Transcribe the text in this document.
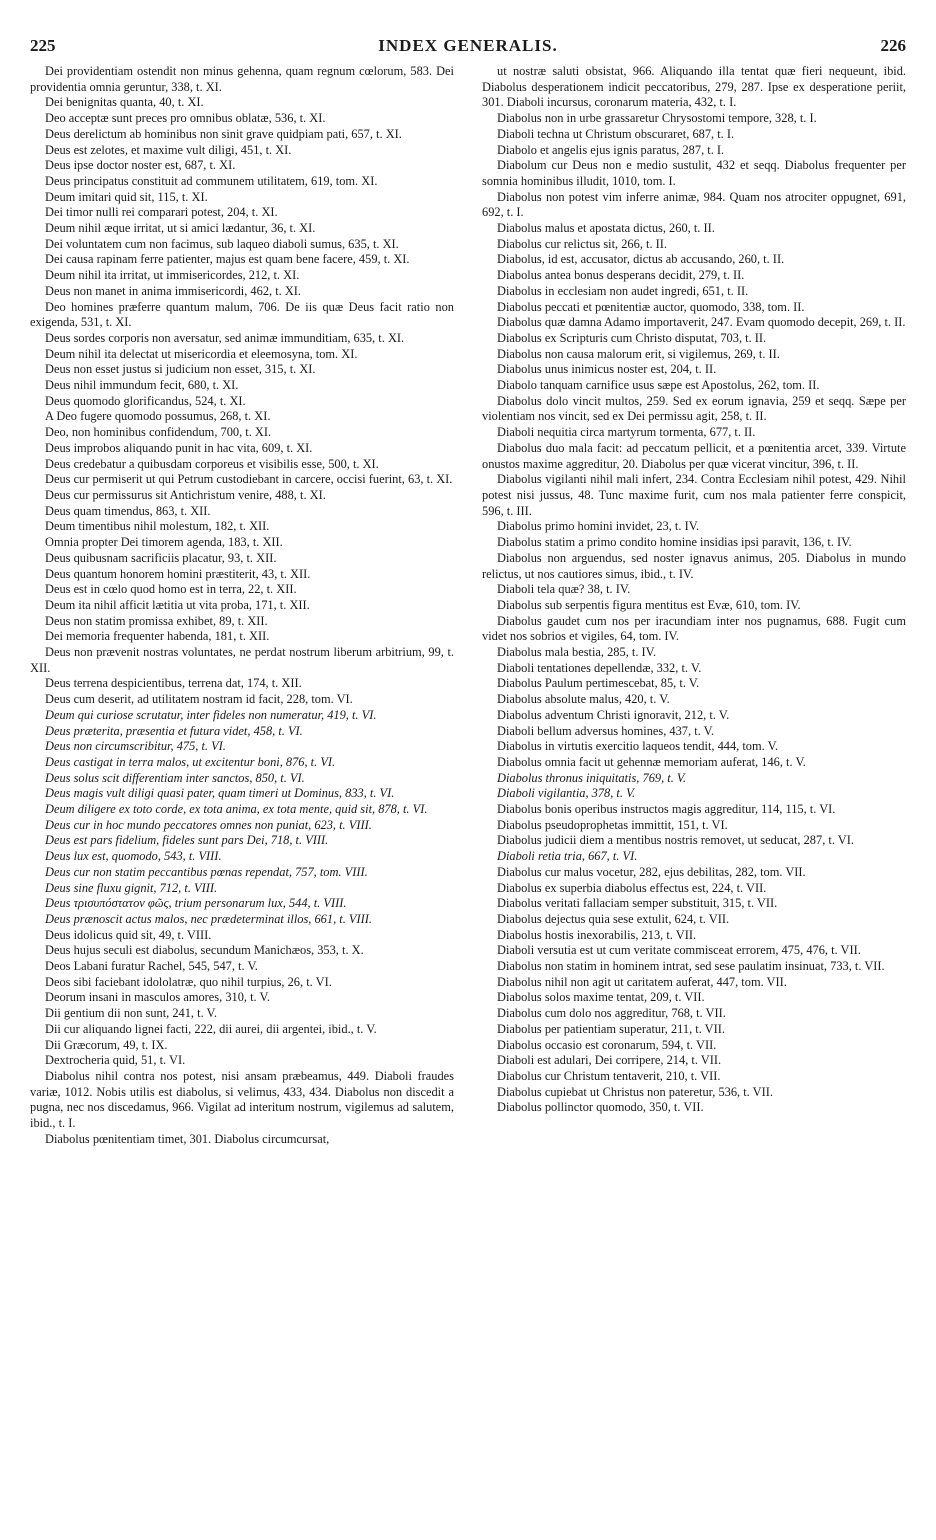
225	INDEX GENERALIS.	226

Dei providentiam ostendit non minus gehenna, quam regnum cœlorum, 583. Dei providentia omnia geruntur, 338, t. XI.

Dei benignitas quanta, 40, t. XI.

Deo acceptæ sunt preces pro omnibus oblatæ, 536, t. XI.

Deus derelictum ab hominibus non sinit grave quidpiam pati, 657, t. XI.

Deus est zelotes, et maxime vult diligi, 451, t. XI.

Deus ipse doctor noster est, 687, t. XI.

Deus principatus constituit ad communem utilitatem, 619, tom. XI.

Deum imitari quid sit, 115, t. XI.

Dei timor nulli rei comparari potest, 204, t. XI.

Deum nihil æque irritat, ut si amici lædantur, 36, t. XI.

Dei voluntatem cum non facimus, sub laqueo diaboli sumus, 635, t. XI.

Dei causa rapinam ferre patienter, majus est quam bene facere, 459, t. XI.

Deum nihil ita irritat, ut immisericordes, 212, t. XI.

Deus non manet in anima immisericordi, 462, t. XI.

Deo homines præferre quantum malum, 706. De iis quæ Deus facit ratio non exigenda, 531, t. XI.

Deus sordes corporis non aversatur, sed animæ immunditiam, 635, t. XI.

Deum nihil ita delectat ut misericordia et eleemosyna, tom. XI.

Deus non esset justus si judicium non esset, 315, t. XI.

Deus nihil immundum fecit, 680, t. XI.

Deus quomodo glorificandus, 524, t. XI.

A Deo fugere quomodo possumus, 268, t. XI.

Deo, non hominibus confidendum, 700, t. XI.

Deus improbos aliquando punit in hac vita, 609, t. XI.

Deus credebatur a quibusdam corporeus et visibilis esse, 500, t. XI.

Deus cur permiserit ut qui Petrum custodiebant in carcere, occisi fuerint, 63, t. XI.

Deus cur permissurus sit Antichristum venire, 488, t. XI.

Deus quam timendus, 863, t. XII.

Deum timentibus nihil molestum, 182, t. XII.

Omnia propter Dei timorem agenda, 183, t. XII.

Deus quibusnam sacrificiis placatur, 93, t. XII.

Deus quantum honorem homini præstiterit, 43, t. XII.

Deus est in cœlo quod homo est in terra, 22, t. XII.

Deum ita nihil afficit lætitia ut vita proba, 171, t. XII.

Deus non statim promissa exhibet, 89, t. XII.

Dei memoria frequenter habenda, 181, t. XII.

Deus non prævenit nostras voluntates, ne perdat nostrum liberum arbitrium, 99, t. XII.

Deus terrena despicientibus, terrena dat, 174, t. XII.

Deus cum deserit, ad utilitatem nostram id facit, 228, tom. VI.

Deum qui curiose scrutatur, inter fideles non numeratur, 419, t. VI.

Deus præterita, præsentia et futura videt, 458, t. VI.

Deus non circumscribitur, 475, t. VI.

Deus castigat in terra malos, ut excitentur boni, 876, t. VI.

Deus solus scit differentiam inter sanctos, 850, t. VI.

Deus magis vult diligi quasi pater, quam timeri ut Dominus, 833, t. VI.

Deum diligere ex toto corde, ex tota anima, ex tota mente, quid sit, 878, t. VI.

Deus cur in hoc mundo peccatores omnes non puniat, 623, t. VIII.

Deus est pars fidelium, fideles sunt pars Dei, 718, t. VIII.

Deus lux est, quomodo, 543, t. VIII.

Deus cur non statim peccantibus pœnas rependat, 757, tom. VIII.

Deus sine fluxu gignit, 712, t. VIII.

Deus τρισυπόστατον φῶς, trium personarum lux, 544, t. VIII.

Deus prænoscit actus malos, nec prædeterminat illos, 661, t. VIII.

Deus idolicus quid sit, 49, t. VIII.

Deus hujus seculi est diabolus, secundum Manichæos, 353, t. X.

Deos Labani furatur Rachel, 545, 547, t. V.

Deos sibi faciebant idololatræ, quo nihil turpius, 26, t. VI.

Deorum insani in masculos amores, 310, t. V.

Dii gentium dii non sunt, 241, t. V.

Dii cur aliquando lignei facti, 222, dii aurei, dii argentei, ibid., t. V.

Dii Græcorum, 49, t. IX.

Dextrocheria quid, 51, t. VI.

Diabolus nihil contra nos potest, nisi ansam præbeamus, 449. Diaboli fraudes variæ, 1012. Nobis utilis est diabolus, si velimus, 433, 434. Diabolus non discedit a pugna, nec nos discedamus, 966. Vigilat ad interitum nostrum, vigilemus ad salutem, ibid., t. I.

Diabolus pœnitentiam timet, 301. Diabolus circumcursat,

ut nostræ saluti obsistat, 966. Aliquando illa tentat quæ fieri nequeunt, ibid. Diabolus desperationem indicit peccatoribus, 279, 287. Ipse ex desperatione periit, 301. Diaboli incursus, coronarum materia, 432, t. I.

Diabolus non in urbe grassaretur Chrysostomi tempore, 328, t. I.

Diaboli techna ut Christum obscuraret, 687, t. I.

Diabolo et angelis ejus ignis paratus, 287, t. I.

Diabolum cur Deus non e medio sustulit, 432 et seqq. Diabolus frequenter per somnia hominibus illudit, 1010, tom. I.

Diabolus non potest vim inferre animæ, 984. Quam nos atrociter oppugnet, 691, 692, t. I.

Diabolus malus et apostata dictus, 260, t. II.

Diabolus cur relictus sit, 266, t. II.

Diabolus, id est, accusator, dictus ab accusando, 260, t. II.

Diabolus antea bonus desperans decidit, 279, t. II.

Diabolus in ecclesiam non audet ingredi, 651, t. II.

Diabolus peccati et pœnitentiæ auctor, quomodo, 338, tom. II.

Diabolus quæ damna Adamo importaverit, 247. Evam quomodo decepit, 269, t. II.

Diabolus ex Scripturis cum Christo disputat, 703, t. II.

Diabolus non causa malorum erit, si vigilemus, 269, t. II.

Diabolus unus inimicus noster est, 204, t. II.

Diabolo tanquam carnifice usus sæpe est Apostolus, 262, tom. II.

Diabolus dolo vincit multos, 259. Sed ex eorum ignavia, 259 et seqq. Sæpe per violentiam nos vincit, sed ex Dei permissu agit, 258, t. II.

Diaboli nequitia circa martyrum tormenta, 677, t. II.

Diabolus duo mala facit: ad peccatum pellicit, et a pœnitentia arcet, 339. Virtute onustos maxime aggreditur, 20. Diabolus per quæ vicerat vincitur, 396, t. II.

Diabolus vigilanti nihil mali infert, 234. Contra Ecclesiam nihil potest, 429. Nihil potest nisi jussus, 48. Tunc maxime furit, cum nos mala patienter ferre conspicit, 596, t. III.

Diabolus primo homini invidet, 23, t. IV.

Diabolus statim a primo condito homine insidias ipsi paravit, 136, t. IV.

Diabolus non arguendus, sed noster ignavus animus, 205. Diabolus in mundo relictus, ut nos cautiores simus, ibid., t. IV.

Diaboli tela quæ? 38, t. IV.

Diabolus sub serpentis figura mentitus est Evæ, 610, tom. IV.

Diabolus gaudet cum nos per iracundiam inter nos pugnamus, 688. Fugit cum videt nos sobrios et vigiles, 64, tom. IV.

Diabolus mala bestia, 285, t. IV.

Diaboli tentationes depellendæ, 332, t. V.

Diabolus Paulum pertimescebat, 85, t. V.

Diabolus absolute malus, 420, t. V.

Diabolus adventum Christi ignoravit, 212, t. V.

Diaboli bellum adversus homines, 437, t. V.

Diabolus in virtutis exercitio laqueos tendit, 444, tom. V.

Diabolus omnia facit ut gehennæ memoriam auferat, 146, t. V.

Diabolus thronus iniquitatis, 769, t. V.

Diaboli vigilantia, 378, t. V.

Diabolus bonis operibus instructos magis aggreditur, 114, 115, t. VI.

Diabolus pseudoprophetas immittit, 151, t. VI.

Diabolus judicii diem a mentibus nostris removet, ut seducat, 287, t. VI.

Diaboli retia tria, 667, t. VI.

Diabolus cur malus vocetur, 282, ejus debilitas, 282, tom. VII.

Diabolus ex superbia diabolus effectus est, 224, t. VII.

Diabolus veritati fallaciam semper substituit, 315, t. VII.

Diabolus dejectus quia sese extulit, 624, t. VII.

Diabolus hostis inexorabilis, 213, t. VII.

Diaboli versutia est ut cum veritate commisceat errorem, 475, 476, t. VII.

Diabolus non statim in hominem intrat, sed sese paulatim insinuat, 733, t. VII.

Diabolus nihil non agit ut caritatem auferat, 447, tom. VII.

Diabolus solos maxime tentat, 209, t. VII.

Diabolus cum dolo nos aggreditur, 768, t. VII.

Diabolus per patientiam superatur, 211, t. VII.

Diabolus occasio est coronarum, 594, t. VII.

Diaboli est adulari, Dei corripere, 214, t. VII.

Diabolus cur Christum tentaverit, 210, t. VII.

Diabolus cupiebat ut Christus non pateretur, 536, t. VII.

Diabolus pollinctor quomodo, 350, t. VII.
